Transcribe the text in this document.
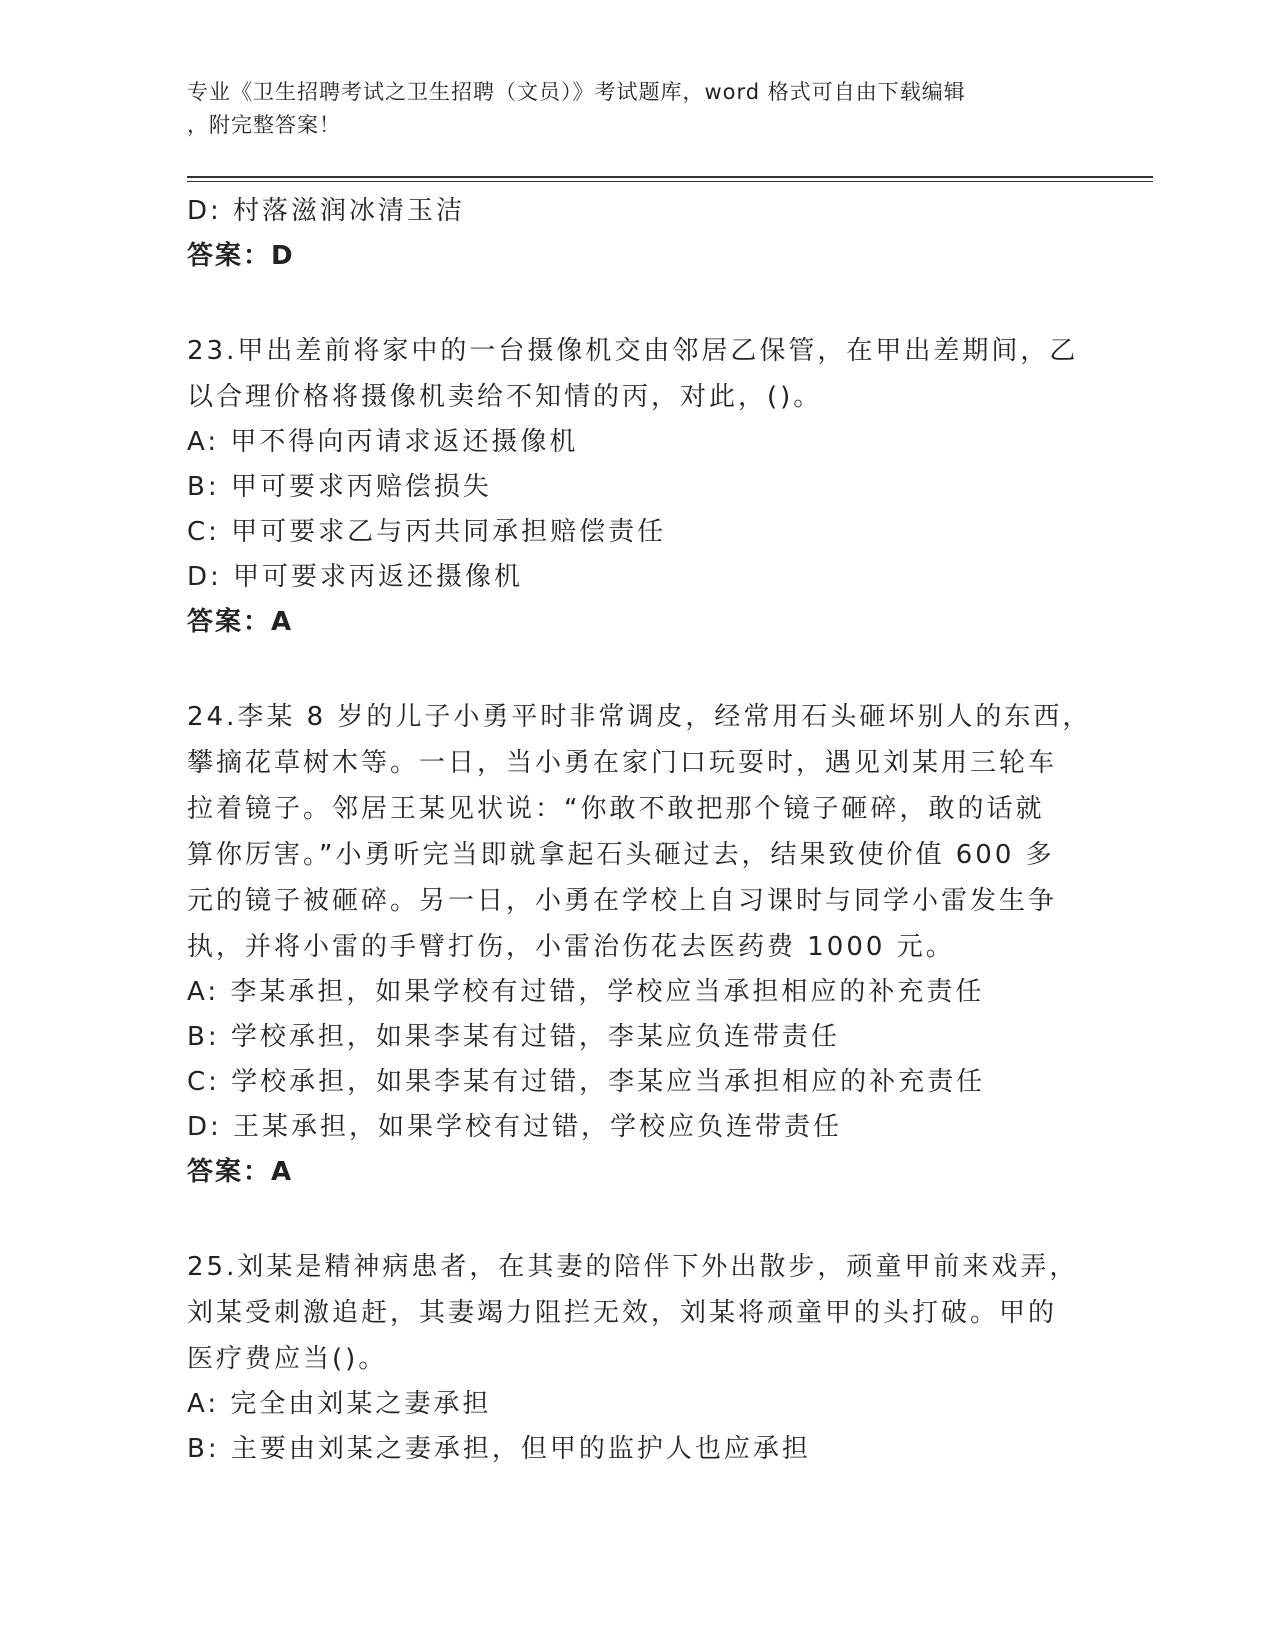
专业《卫生招聘考试之卫生招聘（文员）》考试题库，word 格式可自由下载编辑
，附完整答案！
D: 村落滋润冰清玉洁
答案：D
23.甲出差前将家中的一台摄像机交由邻居乙保管，在甲出差期间，乙
以合理价格将摄像机卖给不知情的丙，对此，()。
A: 甲不得向丙请求返还摄像机
B: 甲可要求丙赔偿损失
C: 甲可要求乙与丙共同承担赔偿责任
D: 甲可要求丙返还摄像机
答案：A
24.李某 8 岁的儿子小勇平时非常调皮，经常用石头砸坏别人的东西，
攀摘花草树木等。一日，当小勇在家门口玩耍时，遇见刘某用三轮车
拉着镜子。邻居王某见状说：“你敢不敢把那个镜子砸碎，敢的话就
算你厉害。”小勇听完当即就拿起石头砸过去，结果致使价值 600 多
元的镜子被砸碎。另一日，小勇在学校上自习课时与同学小雷发生争
执，并将小雷的手臂打伤，小雷治伤花去医药费 1000 元。
A: 李某承担，如果学校有过错，学校应当承担相应的补充责任
B: 学校承担，如果李某有过错，李某应负连带责任
C: 学校承担，如果李某有过错，李某应当承担相应的补充责任
D: 王某承担，如果学校有过错，学校应负连带责任
答案：A
25.刘某是精神病患者，在其妻的陪伴下外出散步，顽童甲前来戏弄，
刘某受刺激追赶，其妻竭力阻拦无效，刘某将顽童甲的头打破。甲的
医疗费应当()。
A: 完全由刘某之妻承担
B: 主要由刘某之妻承担，但甲的监护人也应承担
